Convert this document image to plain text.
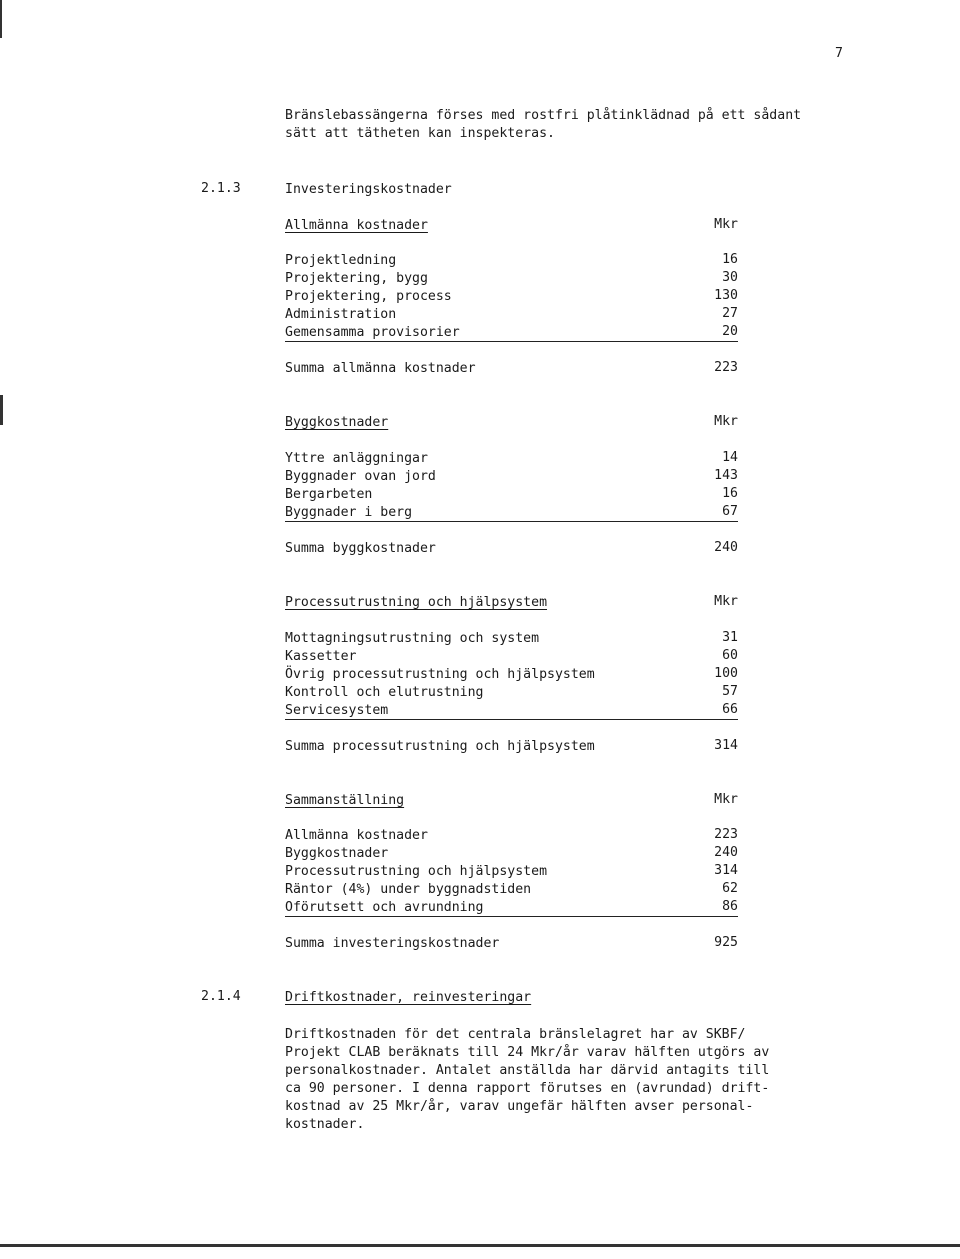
7
Bränslebassängerna förses med rostfri plåtinklädnad på ett sådant
sätt att tätheten kan inspekteras.
2.1.3	Investeringskostnader
Allmänna kostnader	Mkr
Projektledning	16
Projektering, bygg	30
Projektering, process	130
Administration	27
Gemensamma provisorier	20
Summa allmänna kostnader	223
Byggkostnader	Mkr
Yttre anläggningar	14
Byggnader ovan jord	143
Bergarbeten	16
Byggnader i berg	67
Summa byggkostnader	240
Processutrustning och hjälpsystem	Mkr
Mottagningsutrustning och system	31
Kassetter	60
Övrig processutrustning och hjälpsystem	100
Kontroll och elutrustning	57
Servicesystem	66
Summa processutrustning och hjälpsystem	314
Sammanställning	Mkr
Allmänna kostnader	223
Byggkostnader	240
Processutrustning och hjälpsystem	314
Räntor (4%) under byggnadstiden	62
Oförutsett och avrundning	86
Summa investeringskostnader	925
2.1.4	Driftkostnader, reinvesteringar
Driftkostnaden för det centrala bränslelagret har av SKBF/
Projekt CLAB beräknats till 24 Mkr/år varav hälften utgörs av
personalkostnader. Antalet anställda har därvid antagits till
ca 90 personer. I denna rapport förutses en (avrundad) drift-
kostnad av 25 Mkr/år, varav ungefär hälften avser personal-
kostnader.
